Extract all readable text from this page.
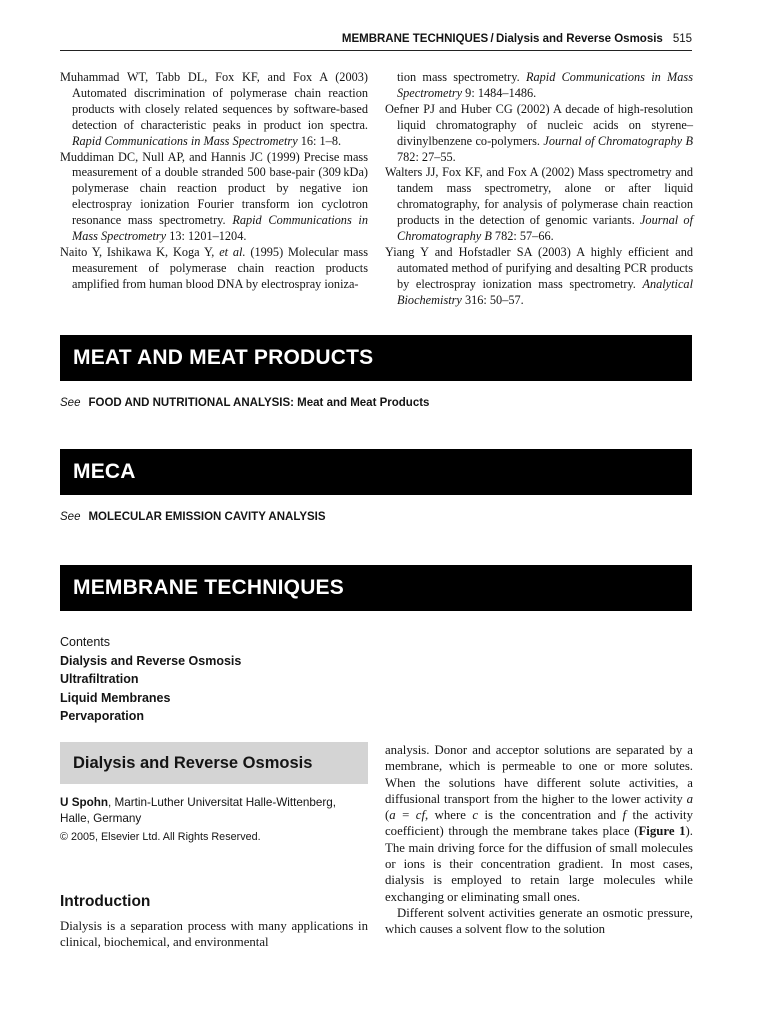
MEMBRANE TECHNIQUES / Dialysis and Reverse Osmosis 515

Muhammad WT, Tabb DL, Fox KF, and Fox A (2003) Automated discrimination of polymerase chain reaction products with closely related sequences by software-based detection of characteristic peaks in product ion spectra. Rapid Communications in Mass Spectrometry 16: 1–8.

Muddiman DC, Null AP, and Hannis JC (1999) Precise mass measurement of a double stranded 500 base-pair (309 kDa) polymerase chain reaction product by negative ion electrospray ionization Fourier transform ion cyclotron resonance mass spectrometry. Rapid Communications in Mass Spectrometry 13: 1201–1204.

Naito Y, Ishikawa K, Koga Y, et al. (1995) Molecular mass measurement of polymerase chain reaction products amplified from human blood DNA by electrospray ioniza-

tion mass spectrometry. Rapid Communications in Mass Spectrometry 9: 1484–1486.

Oefner PJ and Huber CG (2002) A decade of high-resolution liquid chromatography of nucleic acids on styrene–divinylbenzene co-polymers. Journal of Chromatography B 782: 27–55.

Walters JJ, Fox KF, and Fox A (2002) Mass spectrometry and tandem mass spectrometry, alone or after liquid chromatography, for analysis of polymerase chain reaction products in the detection of genomic variants. Journal of Chromatography B 782: 57–66.

Yiang Y and Hofstadler SA (2003) A highly efficient and automated method of purifying and desalting PCR products by electrospray ionization mass spectrometry. Analytical Biochemistry 316: 50–57.

MEAT AND MEAT PRODUCTS
See FOOD AND NUTRITIONAL ANALYSIS: Meat and Meat Products
MECA
See MOLECULAR EMISSION CAVITY ANALYSIS
MEMBRANE TECHNIQUES
Contents
Dialysis and Reverse Osmosis
Ultrafiltration
Liquid Membranes
Pervaporation
Dialysis and Reverse Osmosis
U Spohn, Martin-Luther Universitat Halle-Wittenberg, Halle, Germany
© 2005, Elsevier Ltd. All Rights Reserved.
Introduction

Dialysis is a separation process with many applications in clinical, biochemical, and environmental

analysis. Donor and acceptor solutions are separated by a membrane, which is permeable to one or more solutes. When the solutions have different solute activities, a diffusional transport from the higher to the lower activity a (a = cf, where c is the concentration and f the activity coefficient) through the membrane takes place (Figure 1). The main driving force for the diffusion of small molecules or ions is their concentration gradient. In most cases, dialysis is employed to retain large molecules while exchanging or eliminating small ones.

Different solvent activities generate an osmotic pressure, which causes a solvent flow to the solution
